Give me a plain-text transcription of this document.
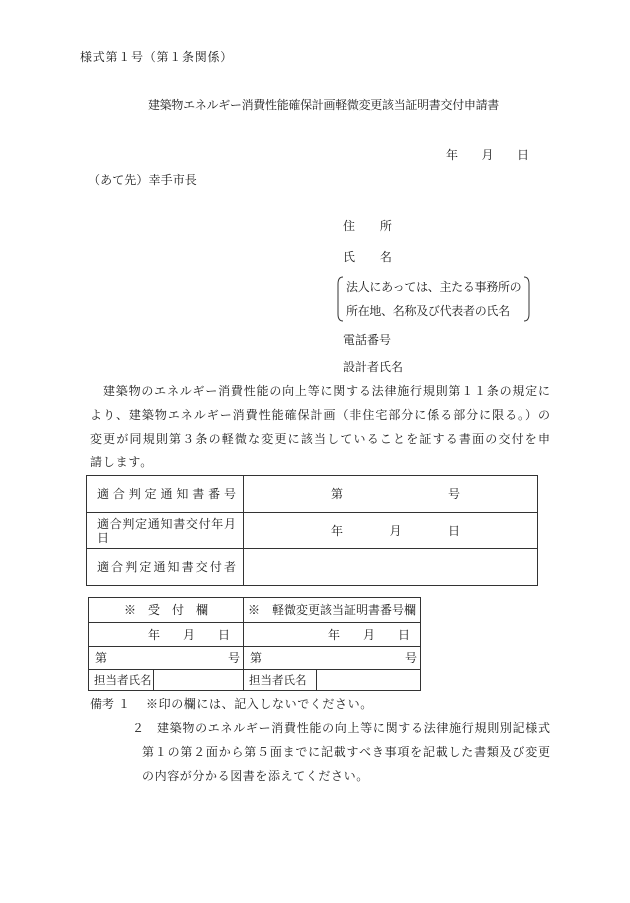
様式第１号（第１条関係）
建築物エネルギー消費性能確保計画軽微変更該当証明書交付申請書
年 月 日
（あて先）幸手市長
住　　所
氏　　名
法人にあっては、主たる事務所の
所在地、名称及び代表者の氏名
電話番号
設計者氏名
建築物のエネルギー消費性能の向上等に関する法律施行規則第１１条の規定に
より、建築物エネルギー消費性能確保計画（非住宅部分に係る部分に限る。）の
変更が同規則第３条の軽微な変更に該当していることを証する書面の交付を申
請します。
適合判定通知書番号	第 号

適合判定通知書交付年月日	年 月 日

適合判定通知書交付者	

※　受　付　欄		※　軽微変更該当証明書番号欄	

年 月 日		年 月 日	

第 号		第 号	

担当者氏名		担当者氏名	
備考 １ ※印の欄には、記入しないでください。
２ 建築物のエネルギー消費性能の向上等に関する法律施行規則別記様式
第１の第２面から第５面までに記載すべき事項を記載した書類及び変更
の内容が分かる図書を添えてください。
